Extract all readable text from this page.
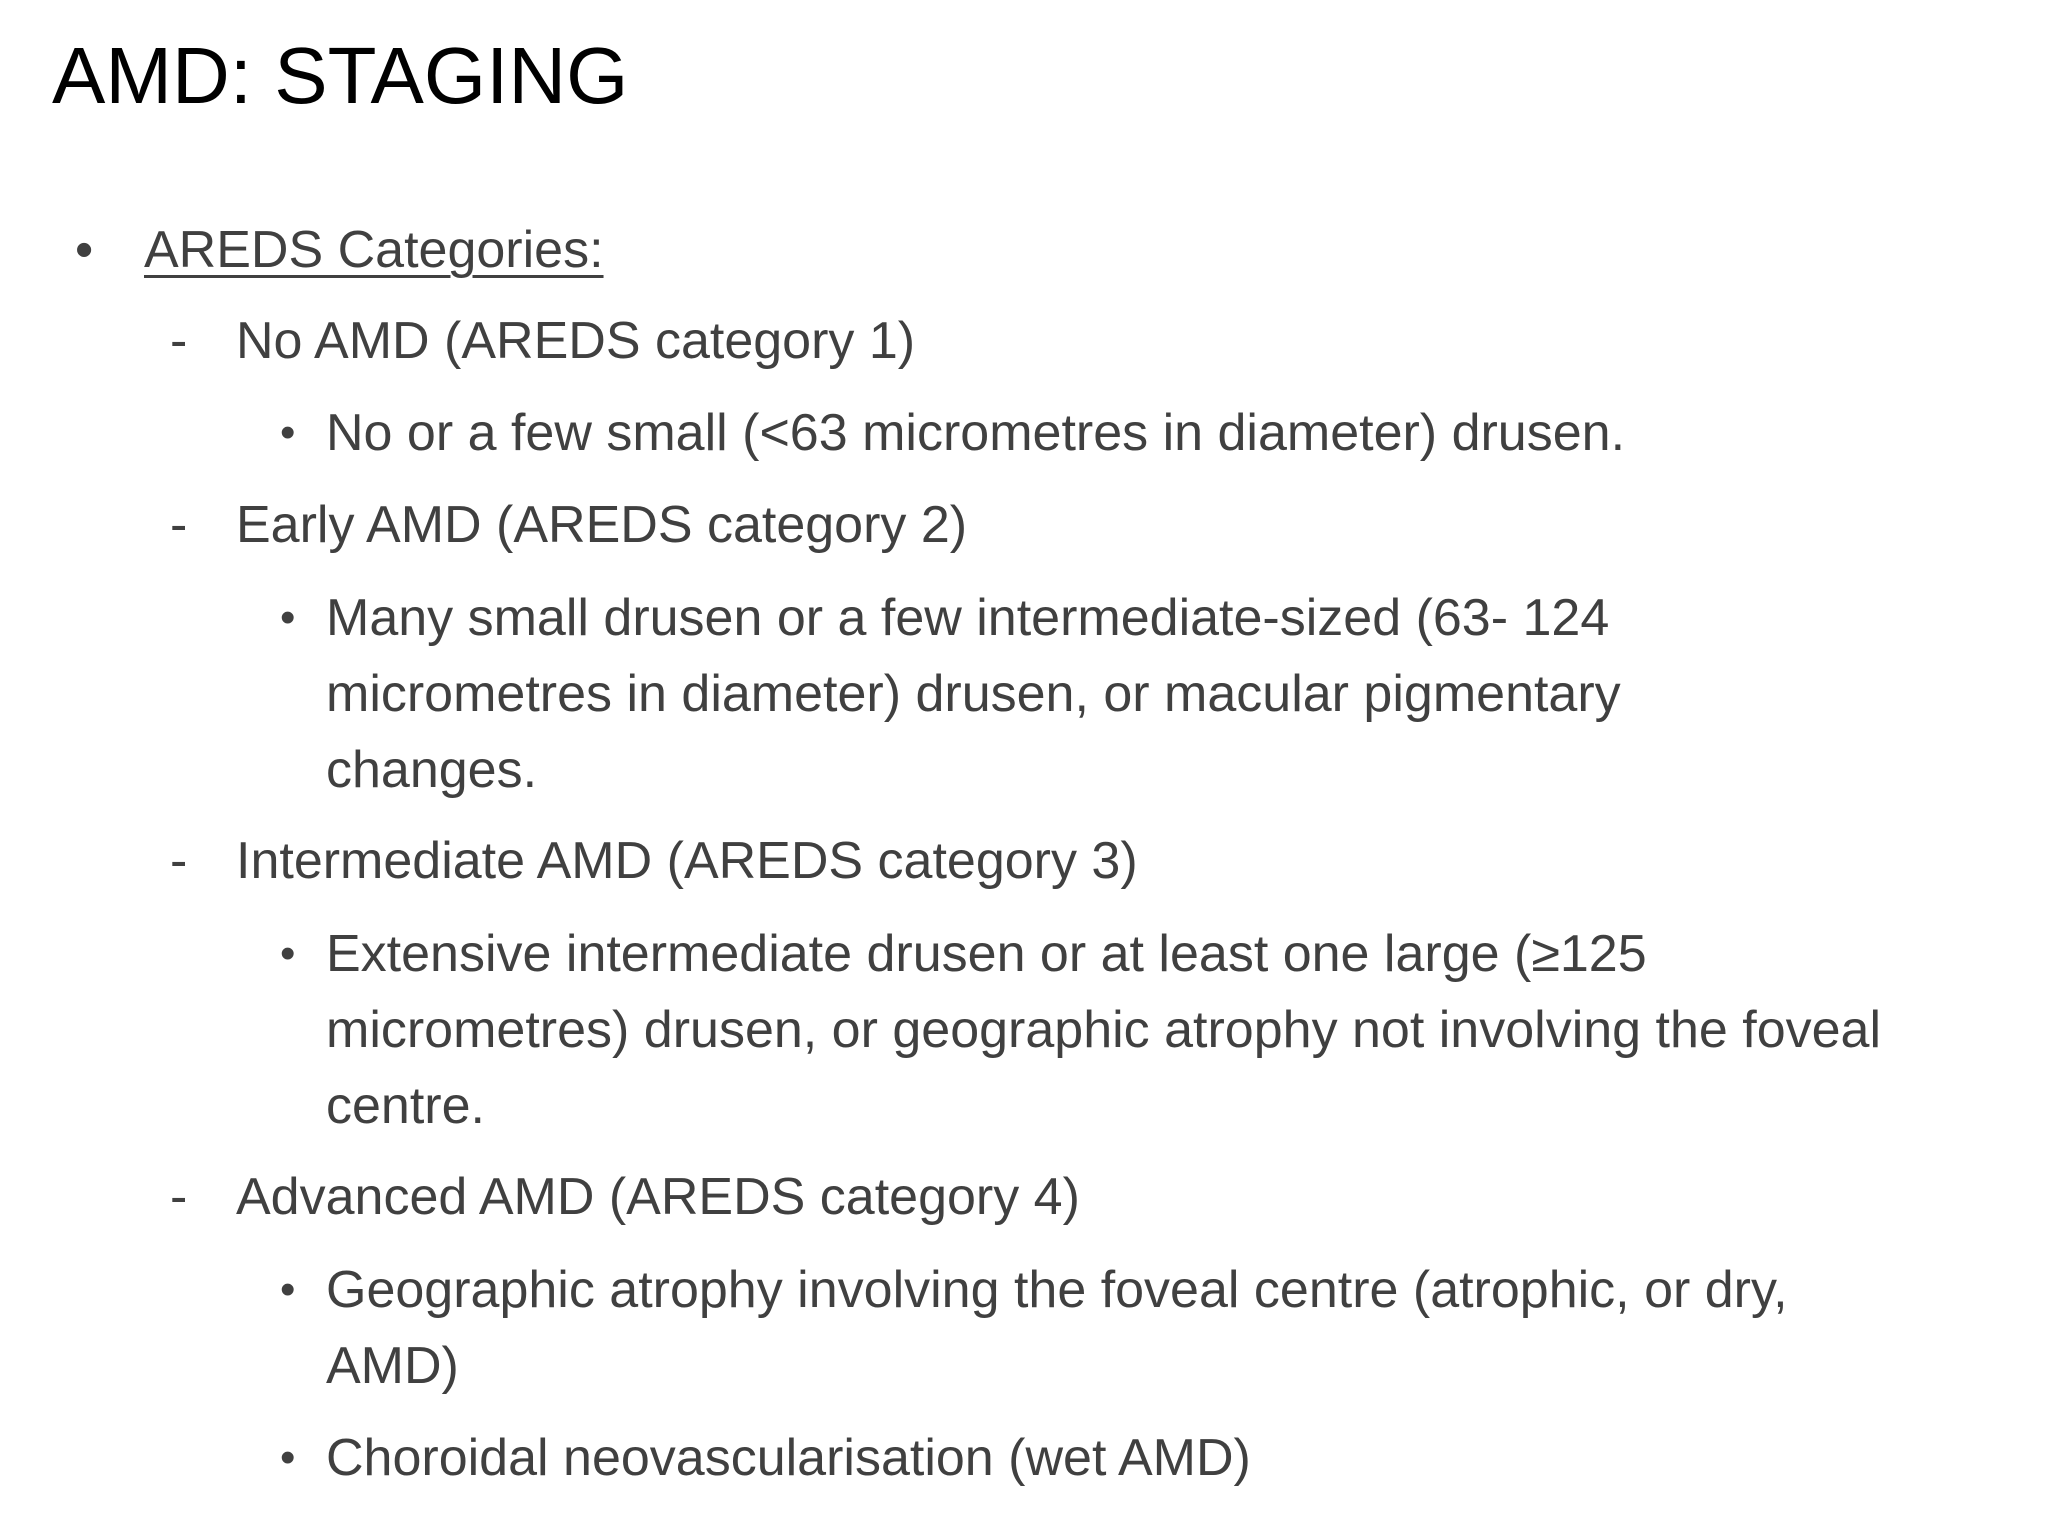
AMD: STAGING
• AREDS Categories:
- No AMD (AREDS category 1)
• No or a few small (<63 micrometres in diameter) drusen.
- Early AMD (AREDS category 2)
• Many small drusen or a few intermediate-sized (63- 124 micrometres in diameter) drusen, or macular pigmentary changes.
- Intermediate AMD (AREDS category 3)
• Extensive intermediate drusen or at least one large (≥125 micrometres) drusen, or geographic atrophy not involving the foveal centre.
- Advanced AMD (AREDS category 4)
• Geographic atrophy involving the foveal centre (atrophic, or dry, AMD)
• Choroidal neovascularisation (wet AMD)
